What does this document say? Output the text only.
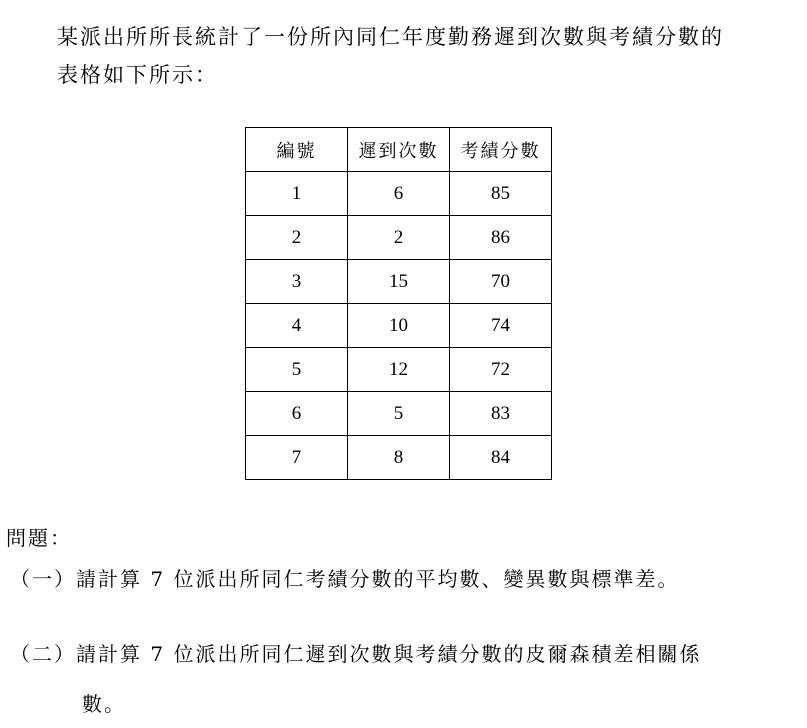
某派出所所長統計了一份所內同仁年度勤務遲到次數與考績分數的
表格如下所示：
編號	遲到次數	考績分數
1	6	85
2	2	86
3	15	70
4	10	74
5	12	72
6	5	83
7	8	84

問題：

（一）請計算 7 位派出所同仁考績分數的平均數、變異數與標準差。

（二）請計算 7 位派出所同仁遲到次數與考績分數的皮爾森積差相關係

數。
